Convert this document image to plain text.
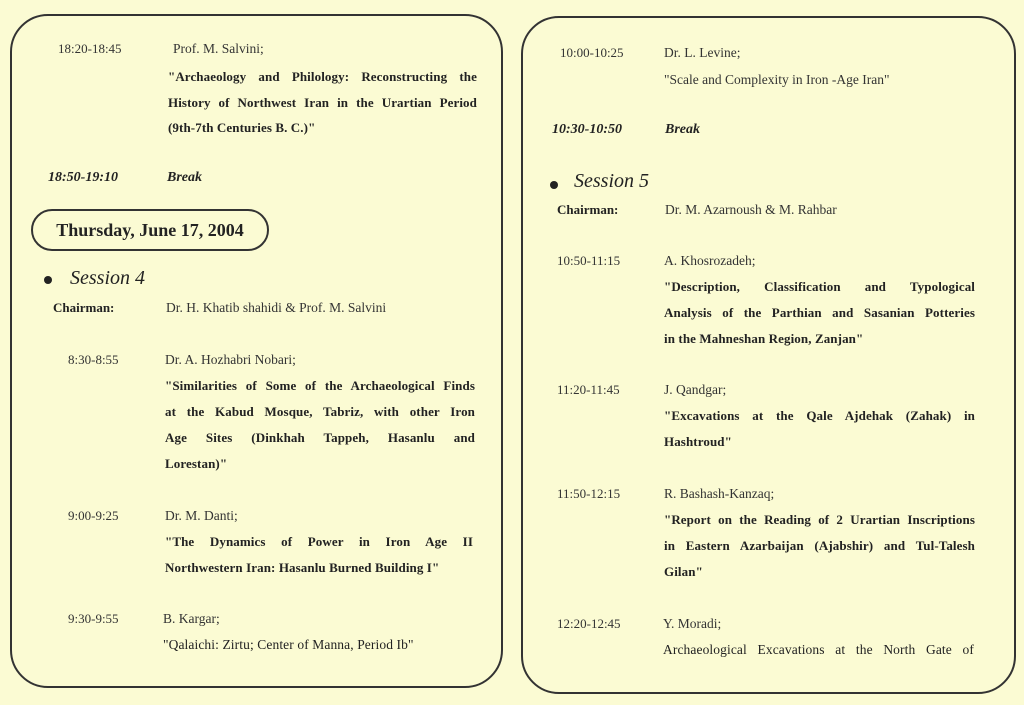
18:20-18:45	Prof. M. Salvini;
"Archaeology and Philology: Reconstructing the
History of Northwest Iran in the Urartian Period
(9th-7th Centuries B. C.)"
18:50-19:10	Break
Thursday, June 17, 2004
Session 4
Chairman:	Dr. H. Khatib shahidi & Prof. M. Salvini
8:30-8:55	Dr. A. Hozhabri Nobari;
"Similarities of Some of the Archaeological Finds
at the Kabud Mosque, Tabriz, with other Iron
Age Sites (Dinkhah Tappeh, Hasanlu and
Lorestan)"
9:00-9:25	Dr. M. Danti;
"The Dynamics of Power in Iron Age II
Northwestern Iran: Hasanlu Burned Building I"
9:30-9:55	B. Kargar;
"Qalaichi: Zirtu; Center of Manna, Period Ib"
10:00-10:25	Dr. L. Levine;
"Scale and Complexity in Iron -Age Iran"
10:30-10:50	Break
Session 5
Chairman:	Dr. M. Azarnoush & M. Rahbar
10:50-11:15	A. Khosrozadeh;
"Description, Classification and Typological
Analysis of the Parthian and Sasanian Potteries
in the Mahneshan Region, Zanjan"
11:20-11:45	J. Qandgar;
"Excavations at the Qale Ajdehak (Zahak) in
Hashtroud"
11:50-12:15	R. Bashash-Kanzaq;
"Report on the Reading of 2 Urartian Inscriptions
in Eastern Azarbaijan (Ajabshir) and Tul-Talesh
Gilan"
12:20-12:45	Y. Moradi;
Archaeological Excavations at the North Gate of
